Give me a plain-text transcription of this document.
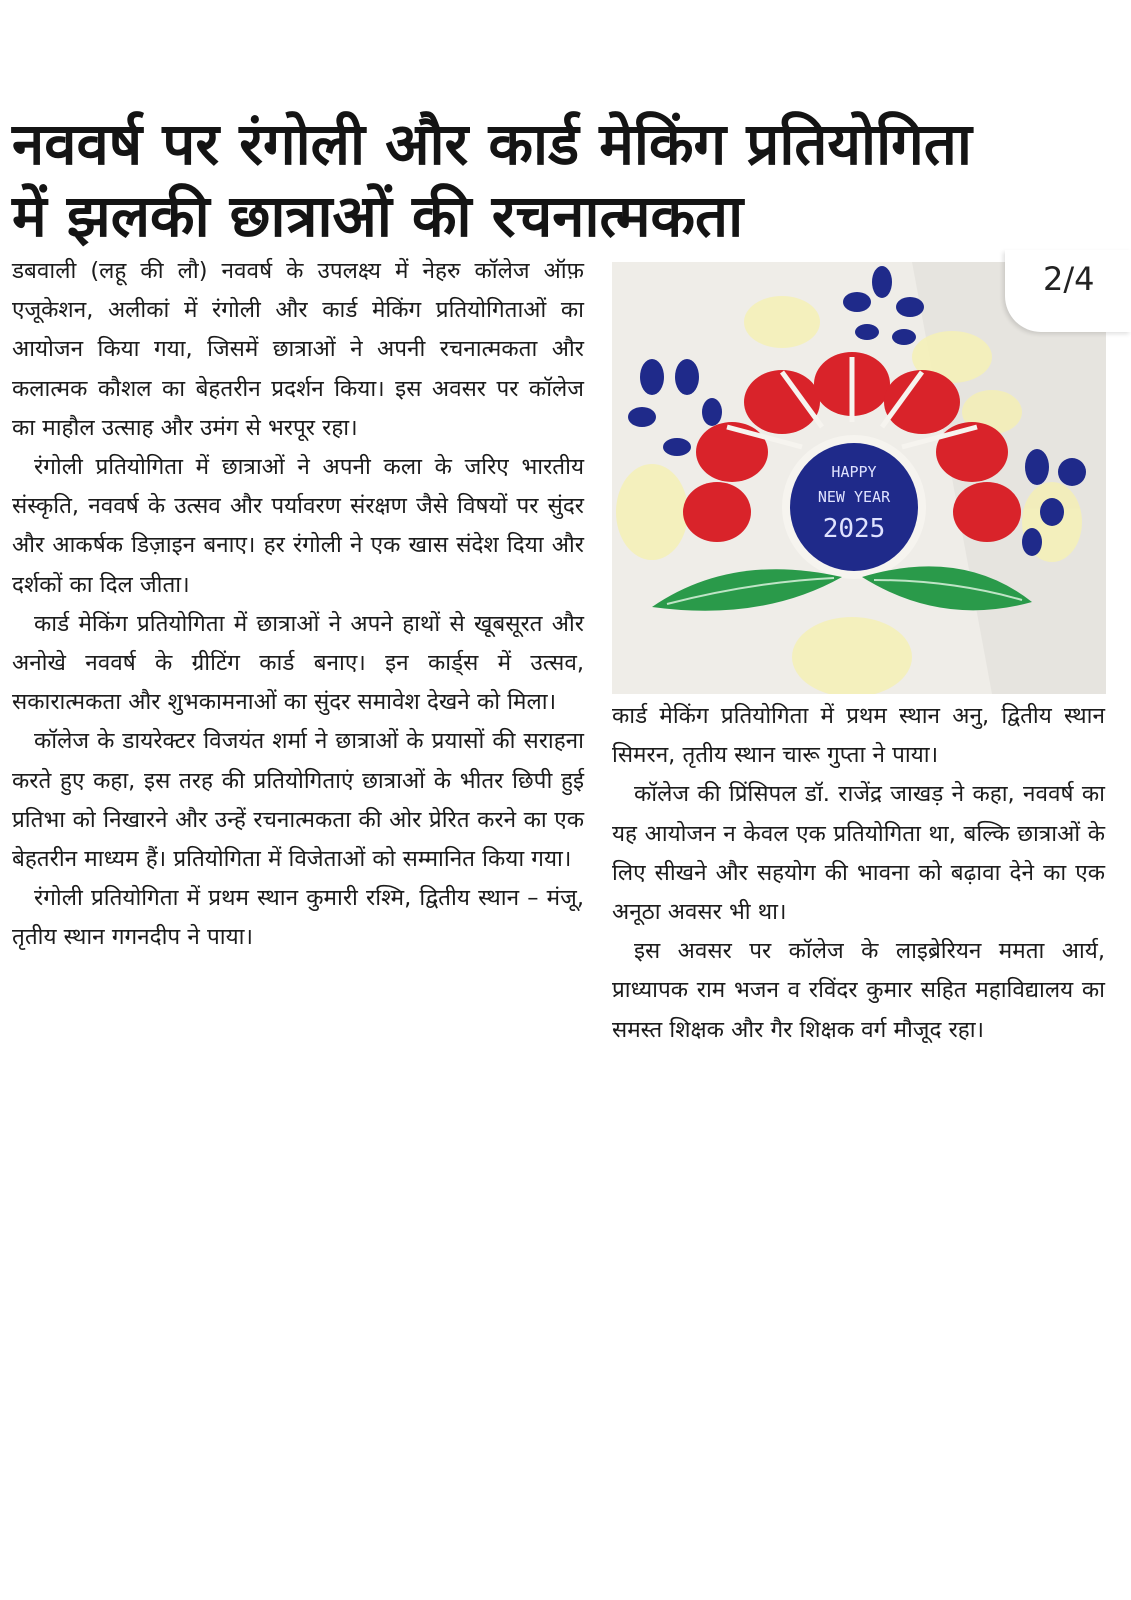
नववर्ष पर रंगोली और कार्ड मेकिंग प्रतियोगिता
में झलकी छात्राओं की रचनात्मकता

डबवाली (लहू की लौ) नववर्ष के उपलक्ष्य में नेहरु कॉलेज ऑफ़ एजूकेशन, अलीकां में रंगोली और कार्ड मेकिंग प्रतियोगिताओं का आयोजन किया गया, जिसमें छात्राओं ने अपनी रचनात्मकता और कलात्मक कौशल का बेहतरीन प्रदर्शन किया। इस अवसर पर कॉलेज का माहौल उत्साह और उमंग से भरपूर रहा।

रंगोली प्रतियोगिता में छात्राओं ने अपनी कला के जरिए भारतीय संस्कृति, नववर्ष के उत्सव और पर्यावरण संरक्षण जैसे विषयों पर सुंदर और आकर्षक डिज़ाइन बनाए। हर रंगोली ने एक खास संदेश दिया और दर्शकों का दिल जीता।

कार्ड मेकिंग प्रतियोगिता में छात्राओं ने अपने हाथों से खूबसूरत और अनोखे नववर्ष के ग्रीटिंग कार्ड बनाए। इन कार्ड्स में उत्सव, सकारात्मकता और शुभकामनाओं का सुंदर समावेश देखने को मिला।

कॉलेज के डायरेक्टर विजयंत शर्मा ने छात्राओं के प्रयासों की सराहना करते हुए कहा, इस तरह की प्रतियोगिताएं छात्राओं के भीतर छिपी हुई प्रतिभा को निखारने और उन्हें रचनात्मकता की ओर प्रेरित करने का एक बेहतरीन माध्यम हैं। प्रतियोगिता में विजेताओं को सम्मानित किया गया।

रंगोली प्रतियोगिता में प्रथम स्थान कुमारी रश्मि, द्वितीय स्थान – मंजू, तृतीय स्थान गगनदीप ने पाया।

HAPPY
NEW YEAR
2025
2/4

कार्ड मेकिंग प्रतियोगिता में प्रथम स्थान अनु, द्वितीय स्थान सिमरन, तृतीय स्थान चारू गुप्ता ने पाया।

कॉलेज की प्रिंसिपल डॉ. राजेंद्र जाखड़ ने कहा, नववर्ष का यह आयोजन न केवल एक प्रतियोगिता था, बल्कि छात्राओं के लिए सीखने और सहयोग की भावना को बढ़ावा देने का एक अनूठा अवसर भी था।

इस अवसर पर कॉलेज के लाइब्रेरियन ममता आर्य, प्राध्यापक राम भजन व रविंदर कुमार सहित महाविद्यालय का समस्त शिक्षक और गैर शिक्षक वर्ग मौजूद रहा।
